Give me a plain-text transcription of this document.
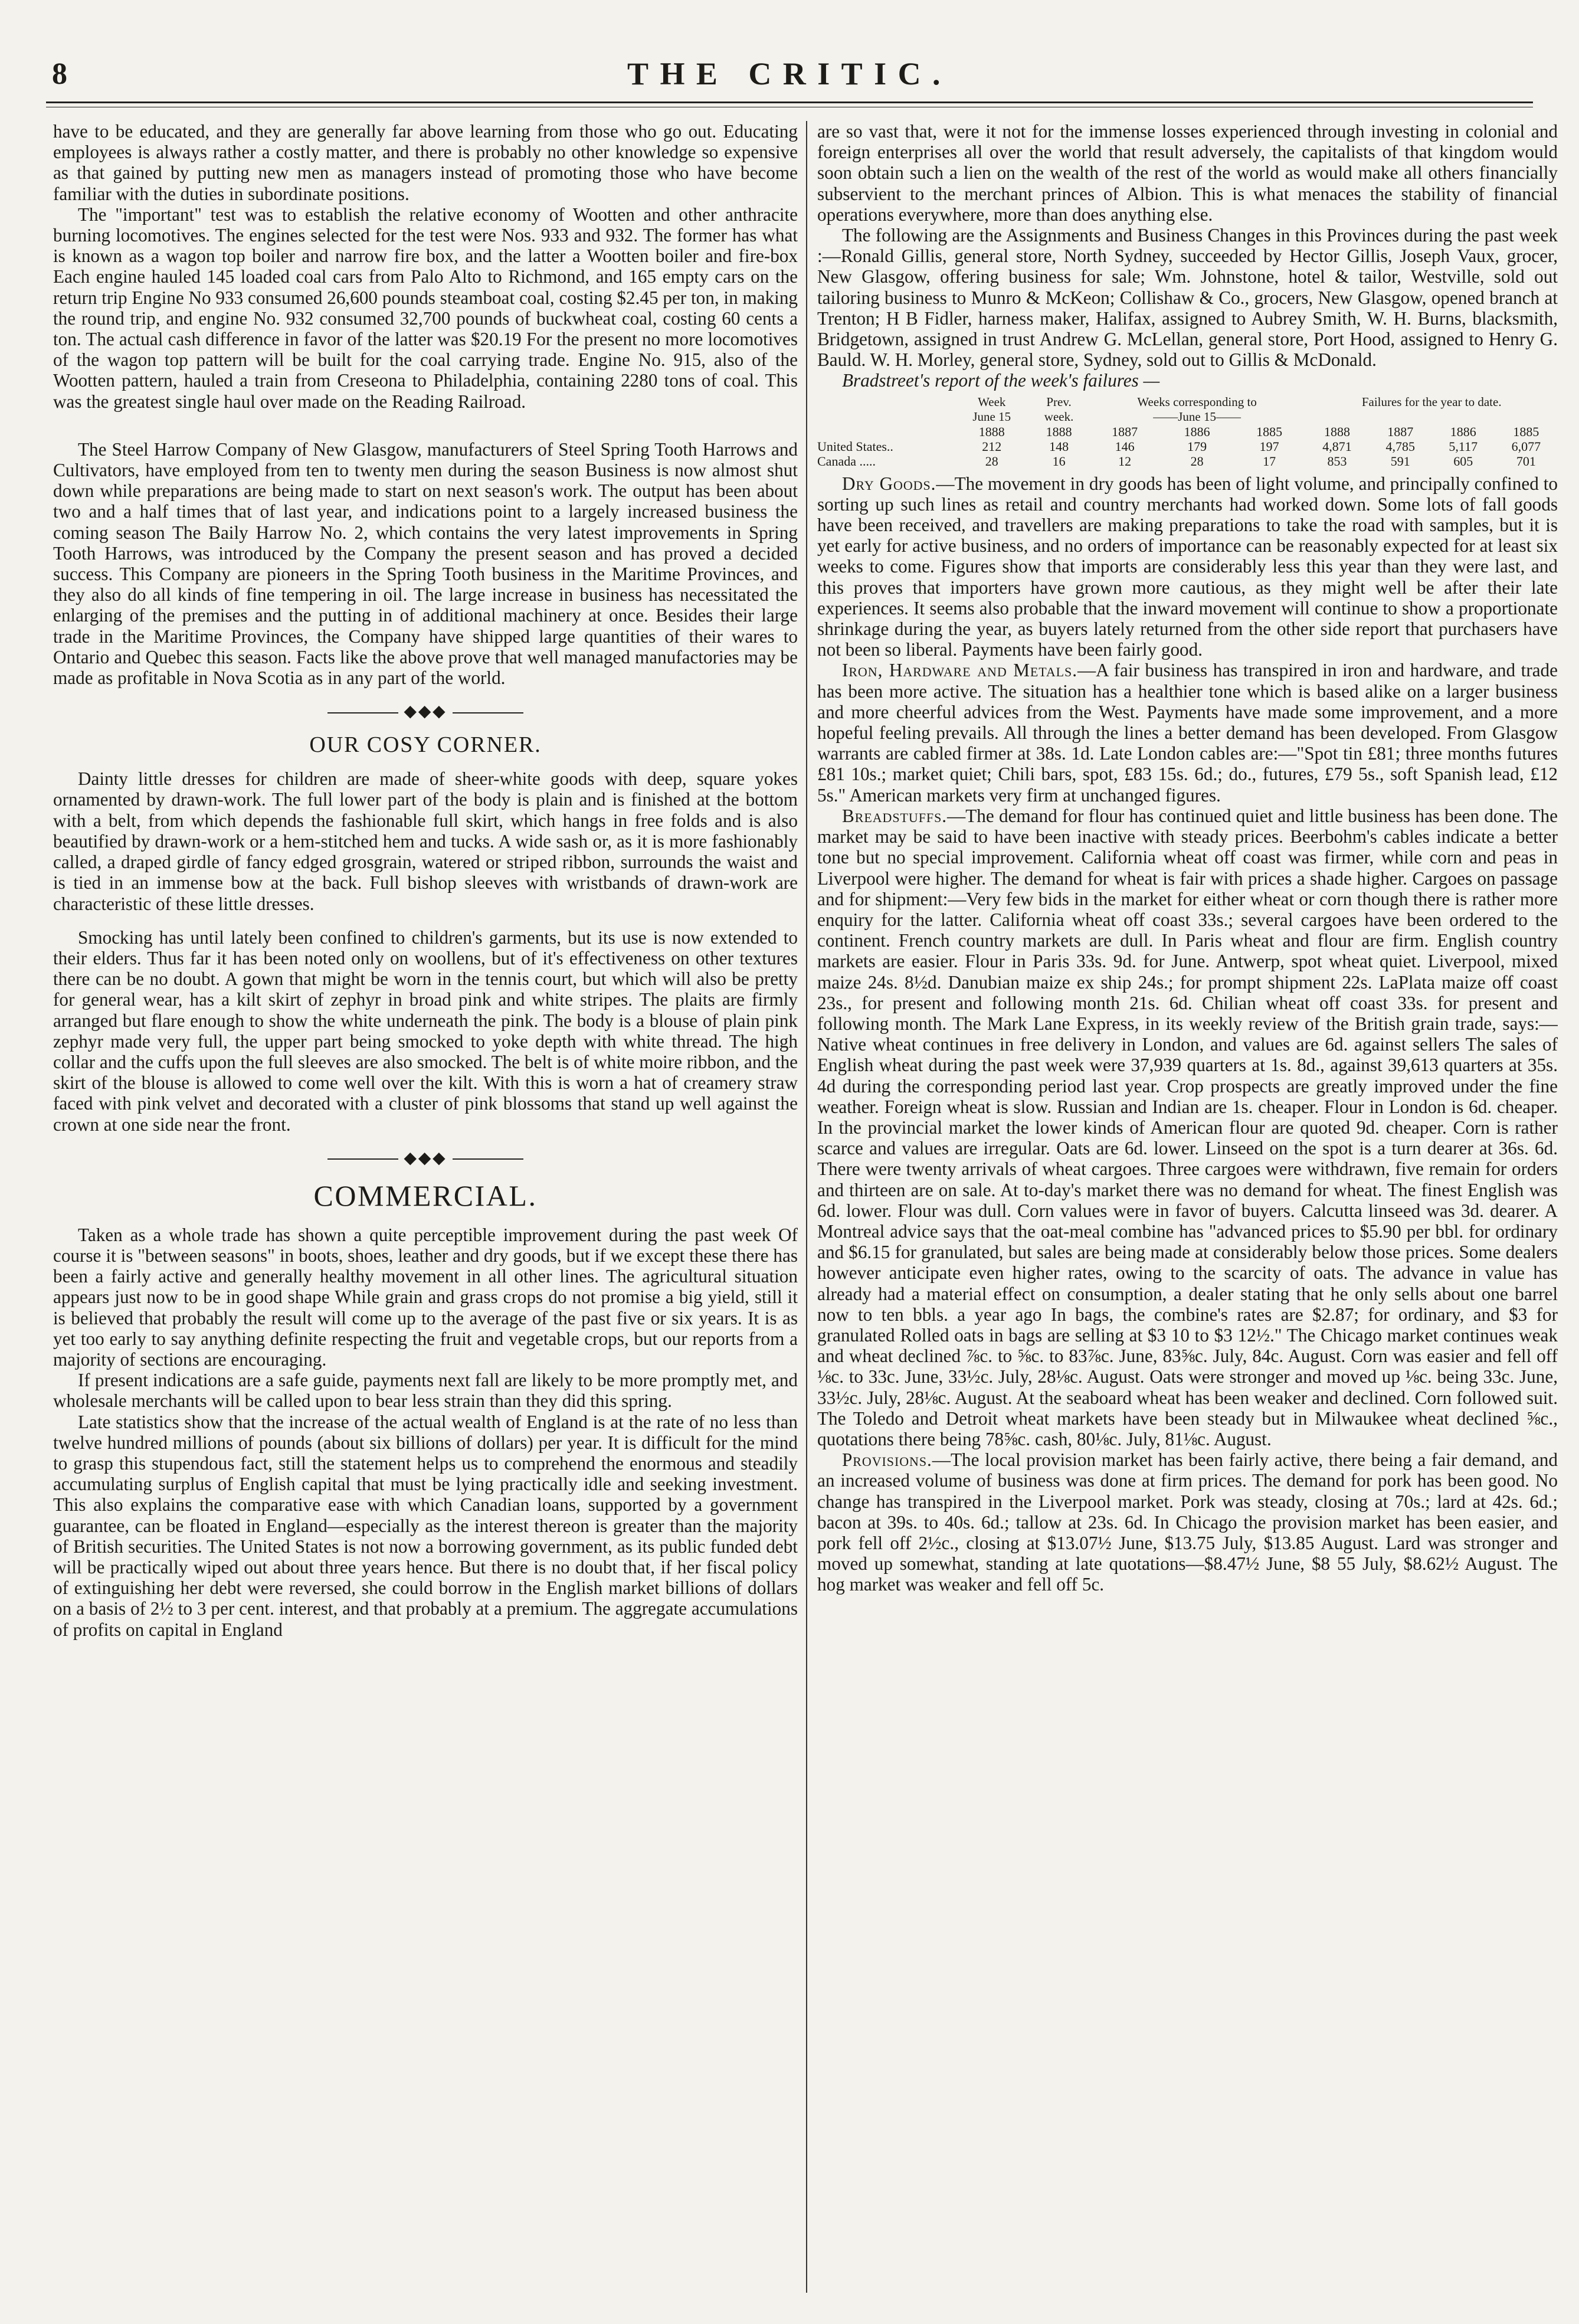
8	THE CRITIC.

have to be educated, and they are generally far above learning from those who go out. Educating employees is always rather a costly matter, and there is probably no other knowledge so expensive as that gained by putting new men as managers instead of promoting those who have become familiar with the duties in subordinate positions.

The "important" test was to establish the relative economy of Wootten and other anthracite burning locomotives. The engines selected for the test were Nos. 933 and 932. The former has what is known as a wagon top boiler and narrow fire box, and the latter a Wootten boiler and fire-box Each engine hauled 145 loaded coal cars from Palo Alto to Richmond, and 165 empty cars on the return trip Engine No 933 consumed 26,600 pounds steamboat coal, costing $2.45 per ton, in making the round trip, and engine No. 932 consumed 32,700 pounds of buckwheat coal, costing 60 cents a ton. The actual cash difference in favor of the latter was $20.19 For the present no more locomotives of the wagon top pattern will be built for the coal carrying trade. Engine No. 915, also of the Wootten pattern, hauled a train from Creseona to Philadelphia, containing 2280 tons of coal. This was the greatest single haul over made on the Reading Railroad.

The Steel Harrow Company of New Glasgow, manufacturers of Steel Spring Tooth Harrows and Cultivators, have employed from ten to twenty men during the season Business is now almost shut down while preparations are being made to start on next season's work. The output has been about two and a half times that of last year, and indications point to a largely increased business the coming season The Baily Harrow No. 2, which contains the very latest improvements in Spring Tooth Harrows, was introduced by the Company the present season and has proved a decided success. This Company are pioneers in the Spring Tooth business in the Maritime Provinces, and they also do all kinds of fine tempering in oil. The large increase in business has necessitated the enlarging of the premises and the putting in of additional machinery at once. Besides their large trade in the Maritime Provinces, the Company have shipped large quantities of their wares to Ontario and Quebec this season. Facts like the above prove that well managed manufactories may be made as profitable in Nova Scotia as in any part of the world.

◆◆◆
OUR COSY CORNER.

Dainty little dresses for children are made of sheer-white goods with deep, square yokes ornamented by drawn-work. The full lower part of the body is plain and is finished at the bottom with a belt, from which depends the fashionable full skirt, which hangs in free folds and is also beautified by drawn-work or a hem-stitched hem and tucks. A wide sash or, as it is more fashionably called, a draped girdle of fancy edged grosgrain, watered or striped ribbon, surrounds the waist and is tied in an immense bow at the back. Full bishop sleeves with wristbands of drawn-work are characteristic of these little dresses.

Smocking has until lately been confined to children's garments, but its use is now extended to their elders. Thus far it has been noted only on woollens, but of it's effectiveness on other textures there can be no doubt. A gown that might be worn in the tennis court, but which will also be pretty for general wear, has a kilt skirt of zephyr in broad pink and white stripes. The plaits are firmly arranged but flare enough to show the white underneath the pink. The body is a blouse of plain pink zephyr made very full, the upper part being smocked to yoke depth with white thread. The high collar and the cuffs upon the full sleeves are also smocked. The belt is of white moire ribbon, and the skirt of the blouse is allowed to come well over the kilt. With this is worn a hat of creamery straw faced with pink velvet and decorated with a cluster of pink blossoms that stand up well against the crown at one side near the front.

◆◆◆
COMMERCIAL.

Taken as a whole trade has shown a quite perceptible improvement during the past week Of course it is "between seasons" in boots, shoes, leather and dry goods, but if we except these there has been a fairly active and generally healthy movement in all other lines. The agricultural situation appears just now to be in good shape While grain and grass crops do not promise a big yield, still it is believed that probably the result will come up to the average of the past five or six years. It is as yet too early to say anything definite respecting the fruit and vegetable crops, but our reports from a majority of sections are encouraging.

If present indications are a safe guide, payments next fall are likely to be more promptly met, and wholesale merchants will be called upon to bear less strain than they did this spring.

Late statistics show that the increase of the actual wealth of England is at the rate of no less than twelve hundred millions of pounds (about six billions of dollars) per year. It is difficult for the mind to grasp this stupendous fact, still the statement helps us to comprehend the enormous and steadily accumulating surplus of English capital that must be lying practically idle and seeking investment. This also explains the comparative ease with which Canadian loans, supported by a government guarantee, can be floated in England—especially as the interest thereon is greater than the majority of British securities. The United States is not now a borrowing government, as its public funded debt will be practically wiped out about three years hence. But there is no doubt that, if her fiscal policy of extinguishing her debt were reversed, she could borrow in the English market billions of dollars on a basis of 2½ to 3 per cent. interest, and that probably at a premium. The aggregate accumulations of profits on capital in England

are so vast that, were it not for the immense losses experienced through investing in colonial and foreign enterprises all over the world that result adversely, the capitalists of that kingdom would soon obtain such a lien on the wealth of the rest of the world as would make all others financially subservient to the merchant princes of Albion. This is what menaces the stability of financial operations everywhere, more than does anything else.

The following are the Assignments and Business Changes in this Provinces during the past week :—Ronald Gillis, general store, North Sydney, succeeded by Hector Gillis, Joseph Vaux, grocer, New Glasgow, offering business for sale; Wm. Johnstone, hotel & tailor, Westville, sold out tailoring business to Munro & McKeon; Collishaw & Co., grocers, New Glasgow, opened branch at Trenton; H B Fidler, harness maker, Halifax, assigned to Aubrey Smith, W. H. Burns, blacksmith, Bridgetown, assigned in trust Andrew G. McLellan, general store, Port Hood, assigned to Henry G. Bauld. W. H. Morley, general store, Sydney, sold out to Gillis & McDonald.

Bradstreet's report of the week's failures —

	Week	Prev.	Weeks corresponding to			Failures for the year to date.			
	June 15	week.	——June 15——						
	1888	1888	1887	1886	1885	1888	1887	1886	1885
United States..	212	148	146	179	197	4,871	4,785	5,117	6,077
Canada .....	28	16	12	28	17	853	591	605	701

Dry Goods.—The movement in dry goods has been of light volume, and principally confined to sorting up such lines as retail and country merchants had worked down. Some lots of fall goods have been received, and travellers are making preparations to take the road with samples, but it is yet early for active business, and no orders of importance can be reasonably expected for at least six weeks to come. Figures show that imports are considerably less this year than they were last, and this proves that importers have grown more cautious, as they might well be after their late experiences. It seems also probable that the inward movement will continue to show a proportionate shrinkage during the year, as buyers lately returned from the other side report that purchasers have not been so liberal. Payments have been fairly good.

Iron, Hardware and Metals.—A fair business has transpired in iron and hardware, and trade has been more active. The situation has a healthier tone which is based alike on a larger business and more cheerful advices from the West. Payments have made some improvement, and a more hopeful feeling prevails. All through the lines a better demand has been developed. From Glasgow warrants are cabled firmer at 38s. 1d. Late London cables are:—"Spot tin £81; three months futures £81 10s.; market quiet; Chili bars, spot, £83 15s. 6d.; do., futures, £79 5s., soft Spanish lead, £12 5s." American markets very firm at unchanged figures.

Breadstuffs.—The demand for flour has continued quiet and little business has been done. The market may be said to have been inactive with steady prices. Beerbohm's cables indicate a better tone but no special improvement. California wheat off coast was firmer, while corn and peas in Liverpool were higher. The demand for wheat is fair with prices a shade higher. Cargoes on passage and for shipment:—Very few bids in the market for either wheat or corn though there is rather more enquiry for the latter. California wheat off coast 33s.; several cargoes have been ordered to the continent. French country markets are dull. In Paris wheat and flour are firm. English country markets are easier. Flour in Paris 33s. 9d. for June. Antwerp, spot wheat quiet. Liverpool, mixed maize 24s. 8½d. Danubian maize ex ship 24s.; for prompt shipment 22s. LaPlata maize off coast 23s., for present and following month 21s. 6d. Chilian wheat off coast 33s. for present and following month. The Mark Lane Express, in its weekly review of the British grain trade, says:—Native wheat continues in free delivery in London, and values are 6d. against sellers The sales of English wheat during the past week were 37,939 quarters at 1s. 8d., against 39,613 quarters at 35s. 4d during the corresponding period last year. Crop prospects are greatly improved under the fine weather. Foreign wheat is slow. Russian and Indian are 1s. cheaper. Flour in London is 6d. cheaper. In the provincial market the lower kinds of American flour are quoted 9d. cheaper. Corn is rather scarce and values are irregular. Oats are 6d. lower. Linseed on the spot is a turn dearer at 36s. 6d. There were twenty arrivals of wheat cargoes. Three cargoes were withdrawn, five remain for orders and thirteen are on sale. At to-day's market there was no demand for wheat. The finest English was 6d. lower. Flour was dull. Corn values were in favor of buyers. Calcutta linseed was 3d. dearer. A Montreal advice says that the oat-meal combine has "advanced prices to $5.90 per bbl. for ordinary and $6.15 for granulated, but sales are being made at considerably below those prices. Some dealers however anticipate even higher rates, owing to the scarcity of oats. The advance in value has already had a material effect on consumption, a dealer stating that he only sells about one barrel now to ten bbls. a year ago In bags, the combine's rates are $2.87; for ordinary, and $3 for granulated Rolled oats in bags are selling at $3 10 to $3 12½." The Chicago market continues weak and wheat declined ⅞c. to ⅝c. to 83⅞c. June, 83⅝c. July, 84c. August. Corn was easier and fell off ⅛c. to 33c. June, 33½c. July, 28⅛c. August. Oats were stronger and moved up ⅛c. being 33c. June, 33½c. July, 28⅛c. August. At the seaboard wheat has been weaker and declined. Corn followed suit. The Toledo and Detroit wheat markets have been steady but in Milwaukee wheat declined ⅝c., quotations there being 78⅝c. cash, 80⅛c. July, 81⅛c. August.

Provisions.—The local provision market has been fairly active, there being a fair demand, and an increased volume of business was done at firm prices. The demand for pork has been good. No change has transpired in the Liverpool market. Pork was steady, closing at 70s.; lard at 42s. 6d.; bacon at 39s. to 40s. 6d.; tallow at 23s. 6d. In Chicago the provision market has been easier, and pork fell off 2½c., closing at $13.07½ June, $13.75 July, $13.85 August. Lard was stronger and moved up somewhat, standing at late quotations—$8.47½ June, $8 55 July, $8.62½ August. The hog market was weaker and fell off 5c.
